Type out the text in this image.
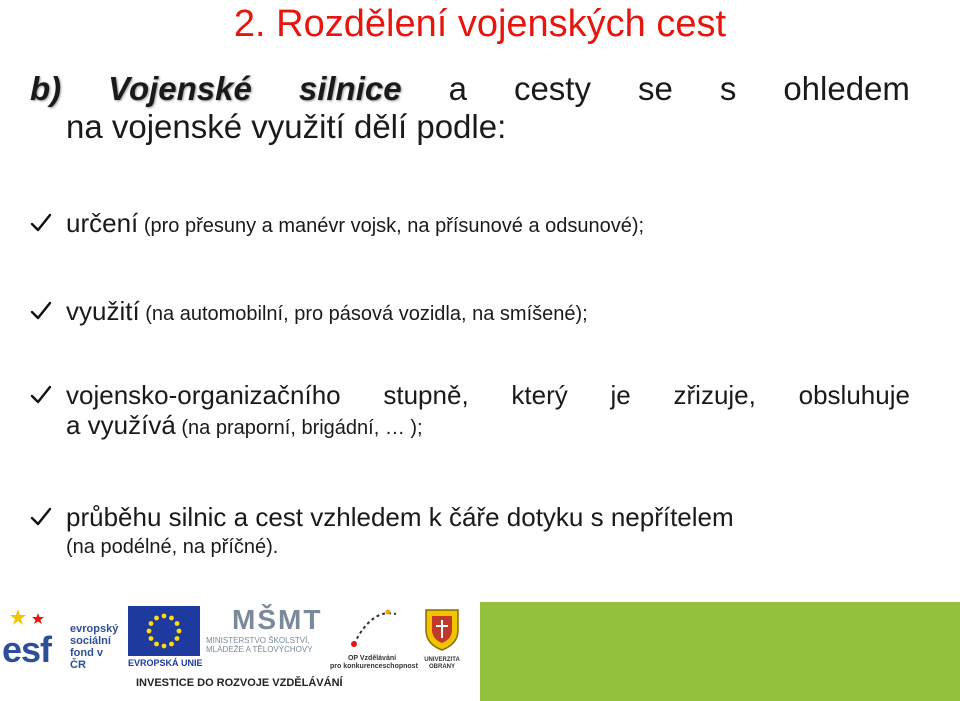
2. Rozdělení vojenských cest
b) Vojenské silnice a cesty se s ohledem
na vojenské využití dělí podle:
určení (pro přesuny a manévr vojsk, na přísunové a odsunové);
využití (na automobilní, pro pásová vozidla, na smíšené);
vojensko-organizačního stupně, který je zřizuje, obsluhuje
a využívá (na praporní, brigádní, … );
průběhu silnic a cest vzhledem k čáře dotyku s nepřítelem
(na podélné, na příčné).
esf evropský
sociální
fond v ČR	EVROPSKÁ UNIE
MŠMT
MINISTERSTVO ŠKOLSTVÍ,
MLÁDEŽE A TĚLOVÝCHOVY
OP Vzdělávání
pro konkurenceschopnost
UNIVERZITA
OBRANY
INVESTICE DO ROZVOJE VZDĚLÁVÁNÍ
